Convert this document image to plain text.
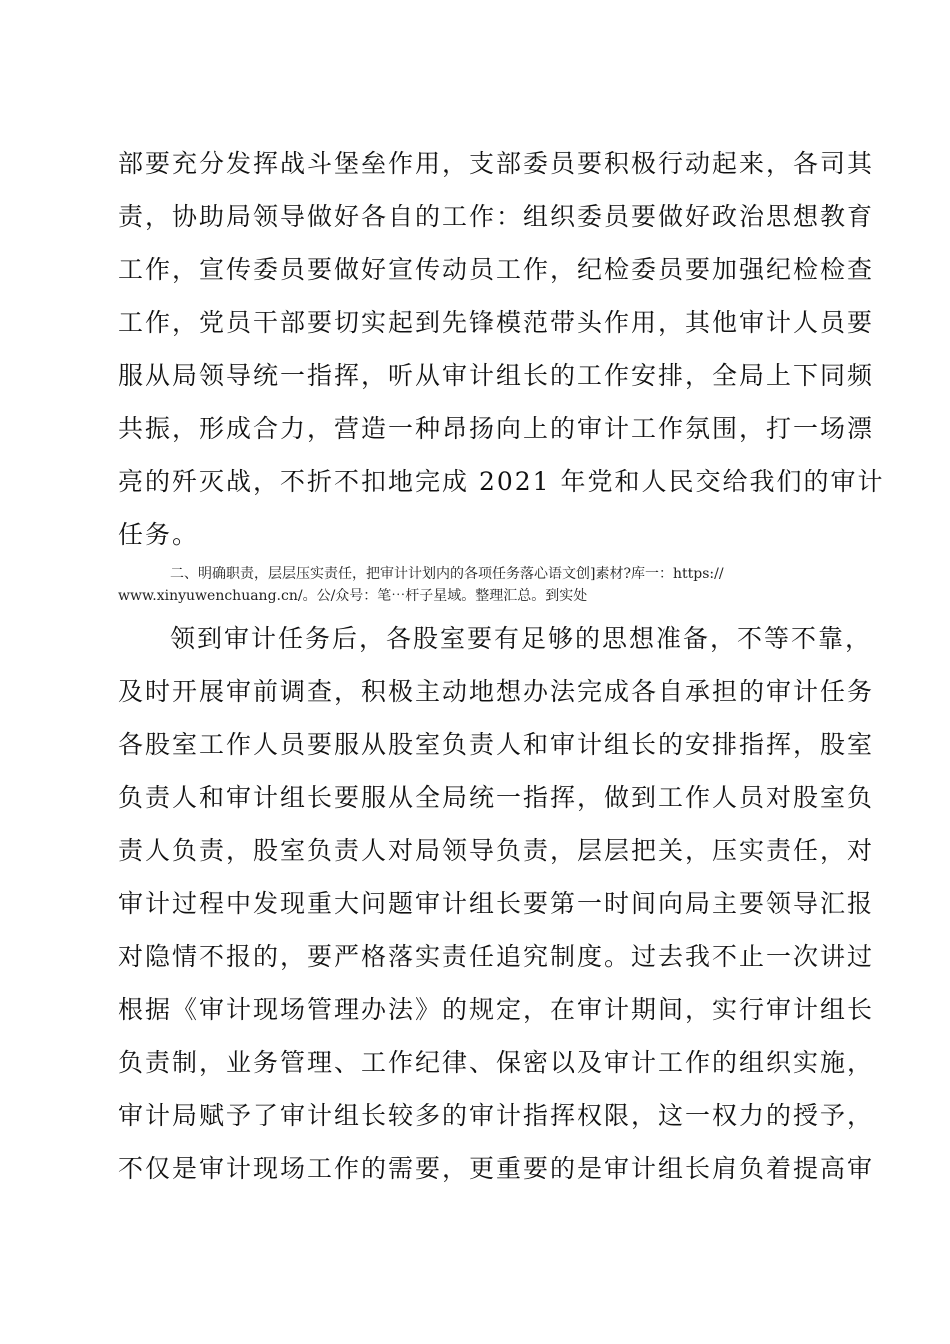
部要充分发挥战斗堡垒作用，支部委员要积极行动起来，各司其
责，协助局领导做好各自的工作：组织委员要做好政治思想教育
工作，宣传委员要做好宣传动员工作，纪检委员要加强纪检检查
工作，党员干部要切实起到先锋模范带头作用，其他审计人员要
服从局领导统一指挥，听从审计组长的工作安排，全局上下同频
共振，形成合力，营造一种昂扬向上的审计工作氛围，打一场漂
亮的歼灭战，不折不扣地完成 2021 年党和人民交给我们的审计
任务。
二、明确职责，层层压实责任，把审计计划内的各项任务落心语文创]素材?库一：https://
www.xinyuwenchuang.cn/。公/众号：笔⋯杆子星域。整理汇总。到实处
领到审计任务后，各股室要有足够的思想准备，不等不靠，
及时开展审前调查，积极主动地想办法完成各自承担的审计任务
各股室工作人员要服从股室负责人和审计组长的安排指挥，股室
负责人和审计组长要服从全局统一指挥，做到工作人员对股室负
责人负责，股室负责人对局领导负责，层层把关，压实责任，对
审计过程中发现重大问题审计组长要第一时间向局主要领导汇报
对隐情不报的，要严格落实责任追究制度。过去我不止一次讲过
根据《审计现场管理办法》的规定，在审计期间，实行审计组长
负责制，业务管理、工作纪律、保密以及审计工作的组织实施，
审计局赋予了审计组长较多的审计指挥权限，这一权力的授予，
不仅是审计现场工作的需要，更重要的是审计组长肩负着提高审
